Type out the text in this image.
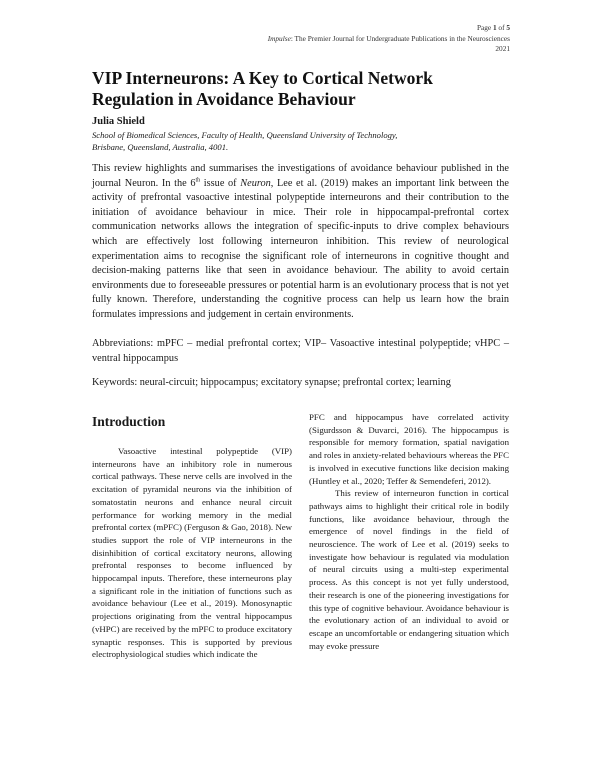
Page 1 of 5
Impulse: The Premier Journal for Undergraduate Publications in the Neurosciences
2021
VIP Interneurons: A Key to Cortical Network Regulation in Avoidance Behaviour
Julia Shield
School of Biomedical Sciences, Faculty of Health, Queensland University of Technology,
Brisbane, Queensland, Australia, 4001.
This review highlights and summarises the investigations of avoidance behaviour published in the journal Neuron. In the 6th issue of Neuron, Lee et al. (2019) makes an important link between the activity of prefrontal vasoactive intestinal polypeptide interneurons and their contribution to the initiation of avoidance behaviour in mice. Their role in hippocampal-prefrontal cortex communication networks allows the integration of specific-inputs to drive complex behaviours which are effectively lost following interneuron inhibition. This review of neurological experimentation aims to recognise the significant role of interneurons in cognitive thought and decision-making patterns like that seen in avoidance behaviour. The ability to avoid certain environments due to foreseeable pressures or potential harm is an evolutionary process that is not yet fully known. Therefore, understanding the cognitive process can help us learn how the brain formulates impressions and judgement in certain environments.
Abbreviations: mPFC – medial prefrontal cortex; VIP– Vasoactive intestinal polypeptide; vHPC – ventral hippocampus
Keywords: neural-circuit; hippocampus; excitatory synapse; prefrontal cortex; learning
Introduction

Vasoactive intestinal polypeptide (VIP) interneurons have an inhibitory role in numerous cortical pathways. These nerve cells are involved in the excitation of pyramidal neurons via the inhibition of somatostatin neurons and enhance neural circuit performance for working memory in the medial prefrontal cortex (mPFC) (Ferguson & Gao, 2018). New studies support the role of VIP interneurons in the disinhibition of cortical excitatory neurons, allowing prefrontal responses to become influenced by hippocampal inputs. Therefore, these interneurons play a significant role in the initiation of functions such as avoidance behaviour (Lee et al., 2019). Monosynaptic projections originating from the ventral hippocampus (vHPC) are received by the mPFC to produce excitatory synaptic responses. This is supported by previous electrophysiological studies which indicate the

PFC and hippocampus have correlated activity (Sigurdsson & Duvarci, 2016). The hippocampus is responsible for memory formation, spatial navigation and roles in anxiety-related behaviours whereas the PFC is involved in executive functions like decision making (Huntley et al., 2020; Teffer & Semendeferi, 2012).

This review of interneuron function in cortical pathways aims to highlight their critical role in bodily functions, like avoidance behaviour, through the emergence of novel findings in the field of neuroscience. The work of Lee et al. (2019) seeks to investigate how behaviour is regulated via modulation of neural circuits using a multi-step experimental process. As this concept is not yet fully understood, their research is one of the pioneering investigations for this type of cognitive behaviour. Avoidance behaviour is the evolutionary action of an individual to avoid or escape an uncomfortable or endangering situation which may evoke pressure
